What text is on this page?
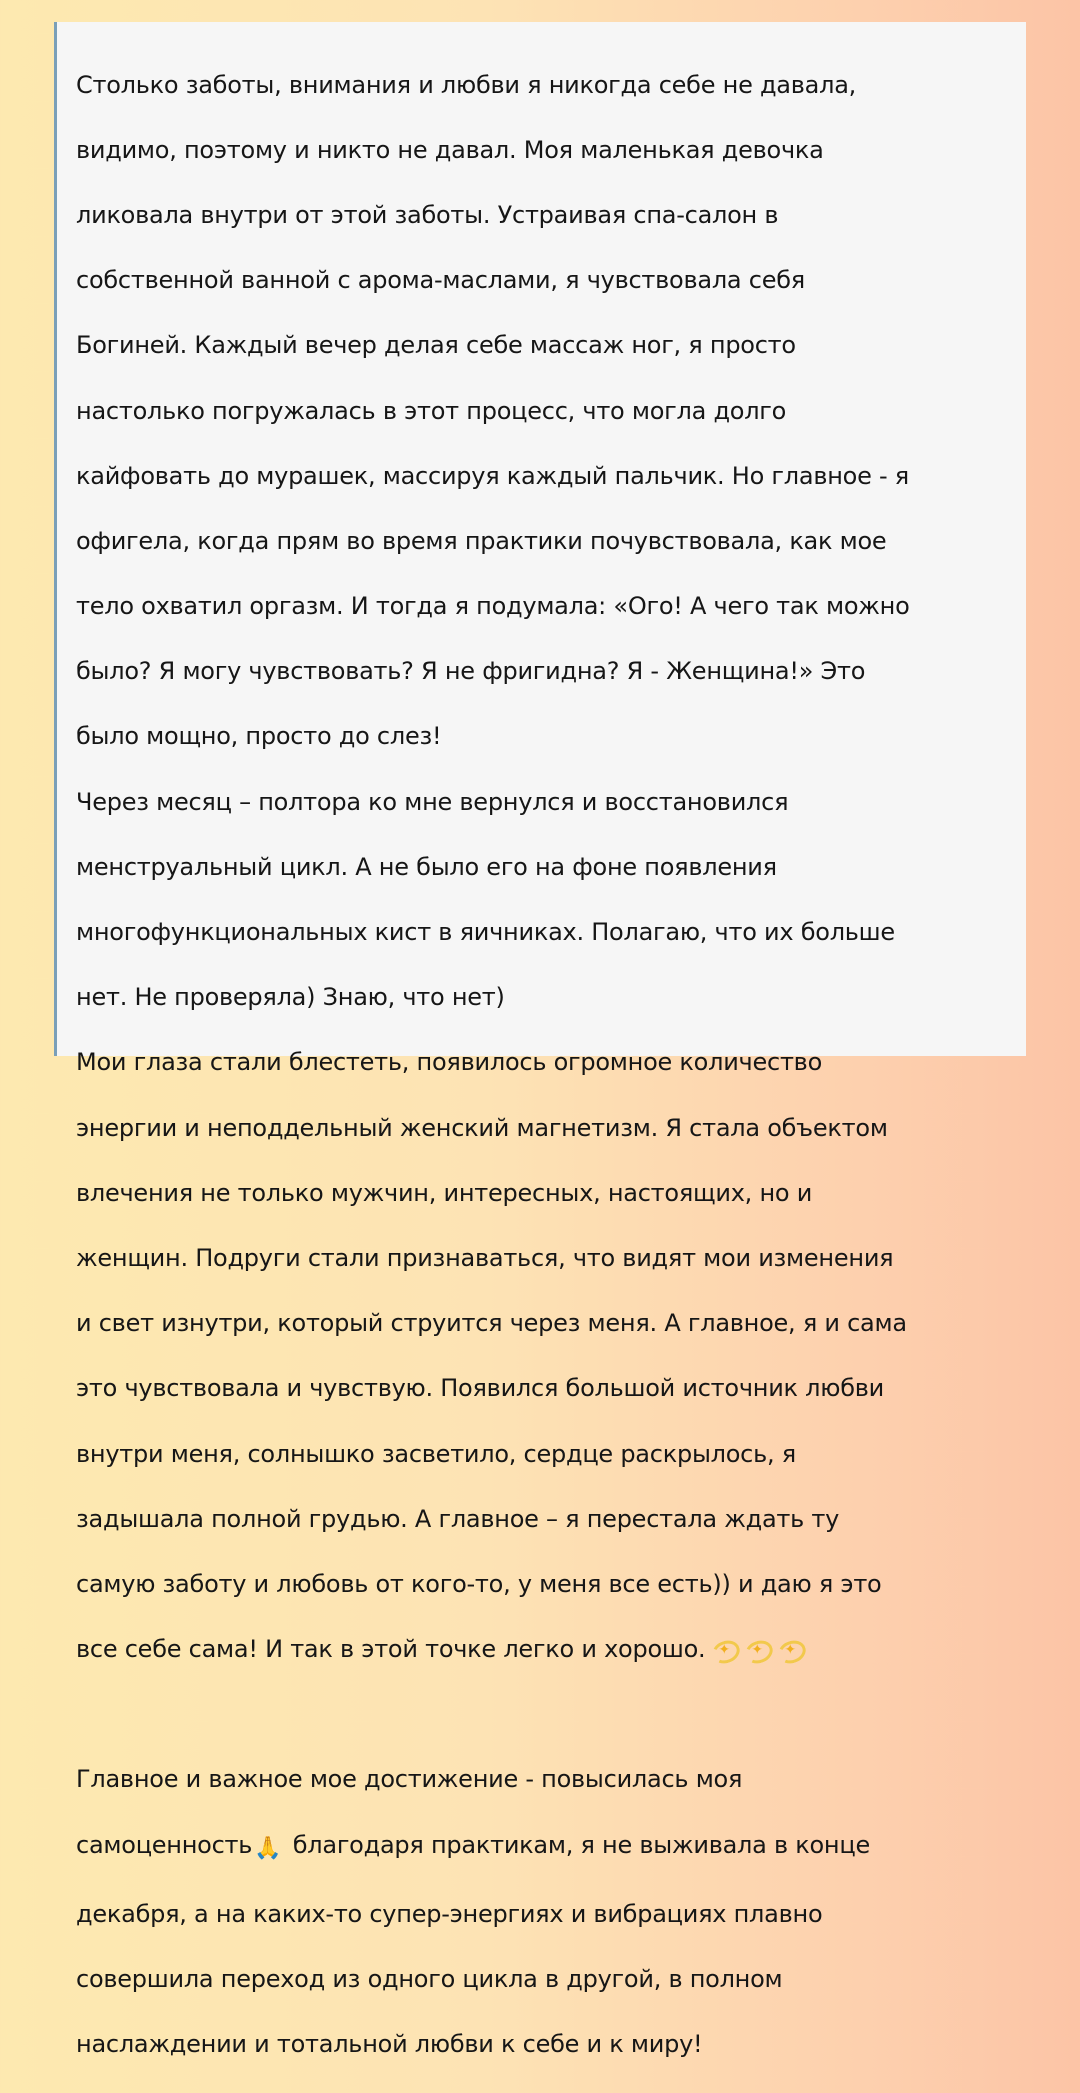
Столько заботы, внимания и любви я никогда себе не давала,

видимо, поэтому и никто не давал. Моя маленькая девочка

ликовала внутри от этой заботы. Устраивая спа-салон в

собственной ванной с арома-маслами, я чувствовала себя

Богиней. Каждый вечер делая себе массаж ног, я просто

настолько погружалась в этот процесс, что могла долго

кайфовать до мурашек, массируя каждый пальчик. Но главное - я

офигела, когда прям во время практики почувствовала, как мое

тело охватил оргазм. И тогда я подумала: «Ого! А чего так можно

было? Я могу чувствовать? Я не фригидна? Я - Женщина!» Это

было мощно, просто до слез!

Через месяц – полтора ко мне вернулся и восстановился

менструальный цикл. А не было его на фоне появления

многофункциональных кист в яичниках. Полагаю, что их больше

нет. Не проверяла) Знаю, что нет)

Мои глаза стали блестеть, появилось огромное количество

энергии и неподдельный женский магнетизм. Я стала объектом

влечения не только мужчин, интересных, настоящих, но и

женщин. Подруги стали признаваться, что видят мои изменения

и свет изнутри, который струится через меня. А главное, я и сама

это чувствовала и чувствую. Появился большой источник любви

внутри меня, солнышко засветило, сердце раскрылось, я

задышала полной грудью. А главное – я перестала ждать ту

самую заботу и любовь от кого-то, у меня все есть)) и даю я это

все себе сама! И так в этой точке легко и хорошо. ✦ ✦ ✦

Главное и важное мое достижение - повысилась моя

самоценность🙏 благодаря практикам, я не выживала в конце

декабря, а на каких-то супер-энергиях и вибрациях плавно

совершила переход из одного цикла в другой, в полном

наслаждении и тотальной любви к себе и к миру!
